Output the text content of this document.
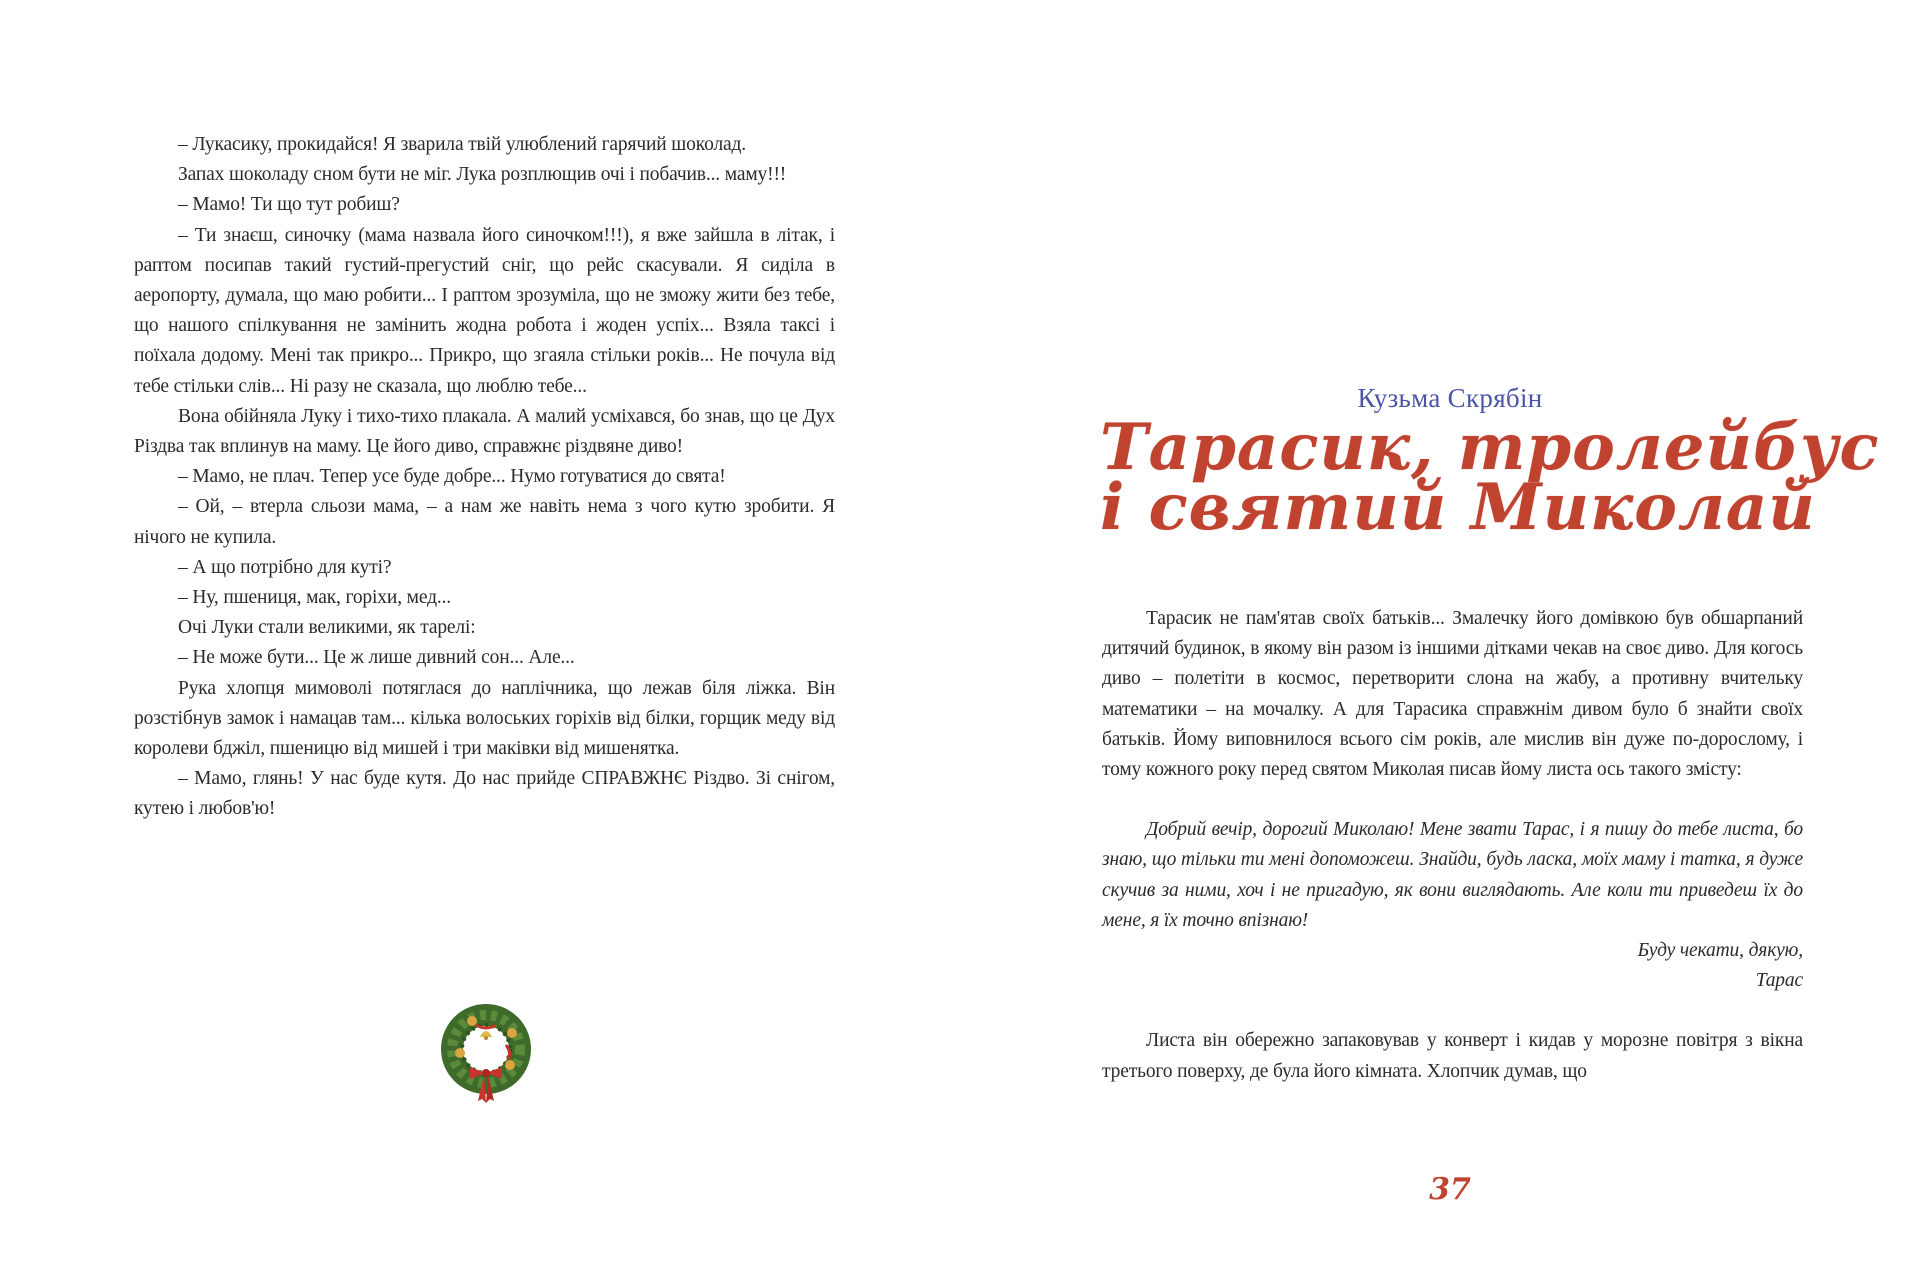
– Лукасику, прокидайся! Я зварила твій улюблений гарячий шоколад.

Запах шоколаду сном бути не міг. Лука розплющив очі і побачив... маму!!!

– Мамо! Ти що тут робиш?

– Ти знаєш, синочку (мама назвала його синочком!!!), я вже зайшла в літак, і раптом посипав такий густий-прегустий сніг, що рейс скасували. Я сиділа в аеропорту, думала, що маю робити... І раптом зрозуміла, що не зможу жити без тебе, що нашого спілкування не замінить жодна робота і жоден успіх... Взяла таксі і поїхала додому. Мені так прикро... Прикро, що згаяла стільки років... Не почула від тебе стільки слів... Ні разу не сказала, що люблю тебе...

Вона обійняла Луку і тихо-тихо плакала. А малий усміхався, бо знав, що це Дух Різдва так вплинув на маму. Це його диво, справжнє різдвяне диво!

– Мамо, не плач. Тепер усе буде добре... Нумо готуватися до свята!

– Ой, – втерла сльози мама, – а нам же навіть нема з чого кутю зробити. Я нічого не купила.

– А що потрібно для куті?

– Ну, пшениця, мак, горіхи, мед...

Очі Луки стали великими, як тарелі:

– Не може бути... Це ж лише дивний сон... Але...

Рука хлопця мимоволі потяглася до наплічника, що лежав біля ліжка. Він розстібнув замок і намацав там... кілька волоських горіхів від білки, горщик меду від королеви бджіл, пшеницю від мишей і три маківки від мишенятка.

– Мамо, глянь! У нас буде кутя. До нас прийде СПРАВЖНЄ Різдво. Зі снігом, кутею і любов'ю!

Кузьма Скрябін
Тарасик, тролейбус
і святий Миколай

Тарасик не пам'ятав своїх батьків... Змалечку його домівкою був обшарпаний дитячий будинок, в якому він разом із іншими дітками чекав на своє диво. Для когось диво – полетіти в космос, перетворити слона на жабу, а противну вчительку математики – на мочалку. А для Тарасика справжнім дивом було б знайти своїх батьків. Йому виповнилося всього сім років, але мислив він дуже по-дорослому, і тому кожного року перед святом Миколая писав йому листа ось такого змісту:

Добрий вечір, дорогий Миколаю! Мене звати Тарас, і я пишу до тебе листа, бо знаю, що тільки ти мені допоможеш. Знайди, будь ласка, моїх маму і татка, я дуже скучив за ними, хоч і не пригадую, як вони виглядають. Але коли ти приведеш їх до мене, я їх точно впізнаю!

Буду чекати, дякую,

Тарас

Листа він обережно запаковував у конверт і кидав у морозне повітря з вікна третього поверху, де була його кімната. Хлопчик думав, що

37
